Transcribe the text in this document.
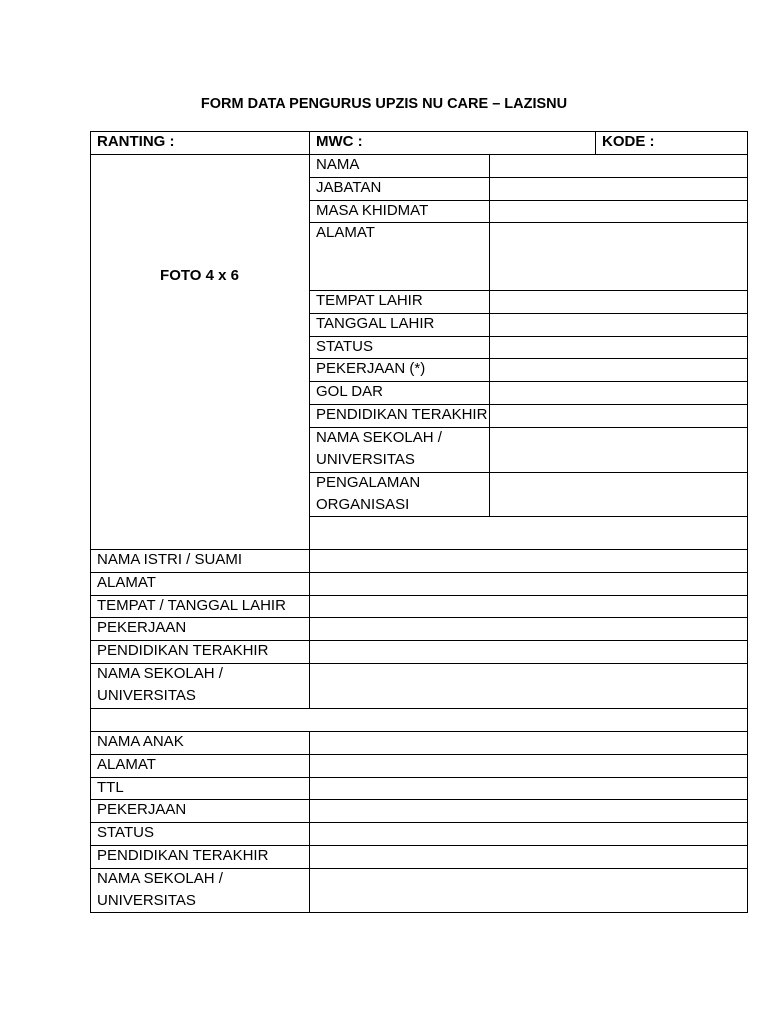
FORM DATA PENGURUS UPZIS NU CARE – LAZISNU
RANTING :	MWC :	KODE :
FOTO 4 x 6
NAMA
JABATAN
MASA KHIDMAT
ALAMAT
TEMPAT LAHIR
TANGGAL LAHIR
STATUS
PEKERJAAN (*)
GOL DAR
PENDIDIKAN TERAKHIR
NAMA SEKOLAH /
UNIVERSITAS
PENGALAMAN
ORGANISASI
NAMA ISTRI / SUAMI
ALAMAT
TEMPAT / TANGGAL LAHIR
PEKERJAAN
PENDIDIKAN TERAKHIR
NAMA SEKOLAH /
UNIVERSITAS
NAMA ANAK
ALAMAT
TTL
PEKERJAAN
STATUS
PENDIDIKAN TERAKHIR
NAMA SEKOLAH /
UNIVERSITAS
